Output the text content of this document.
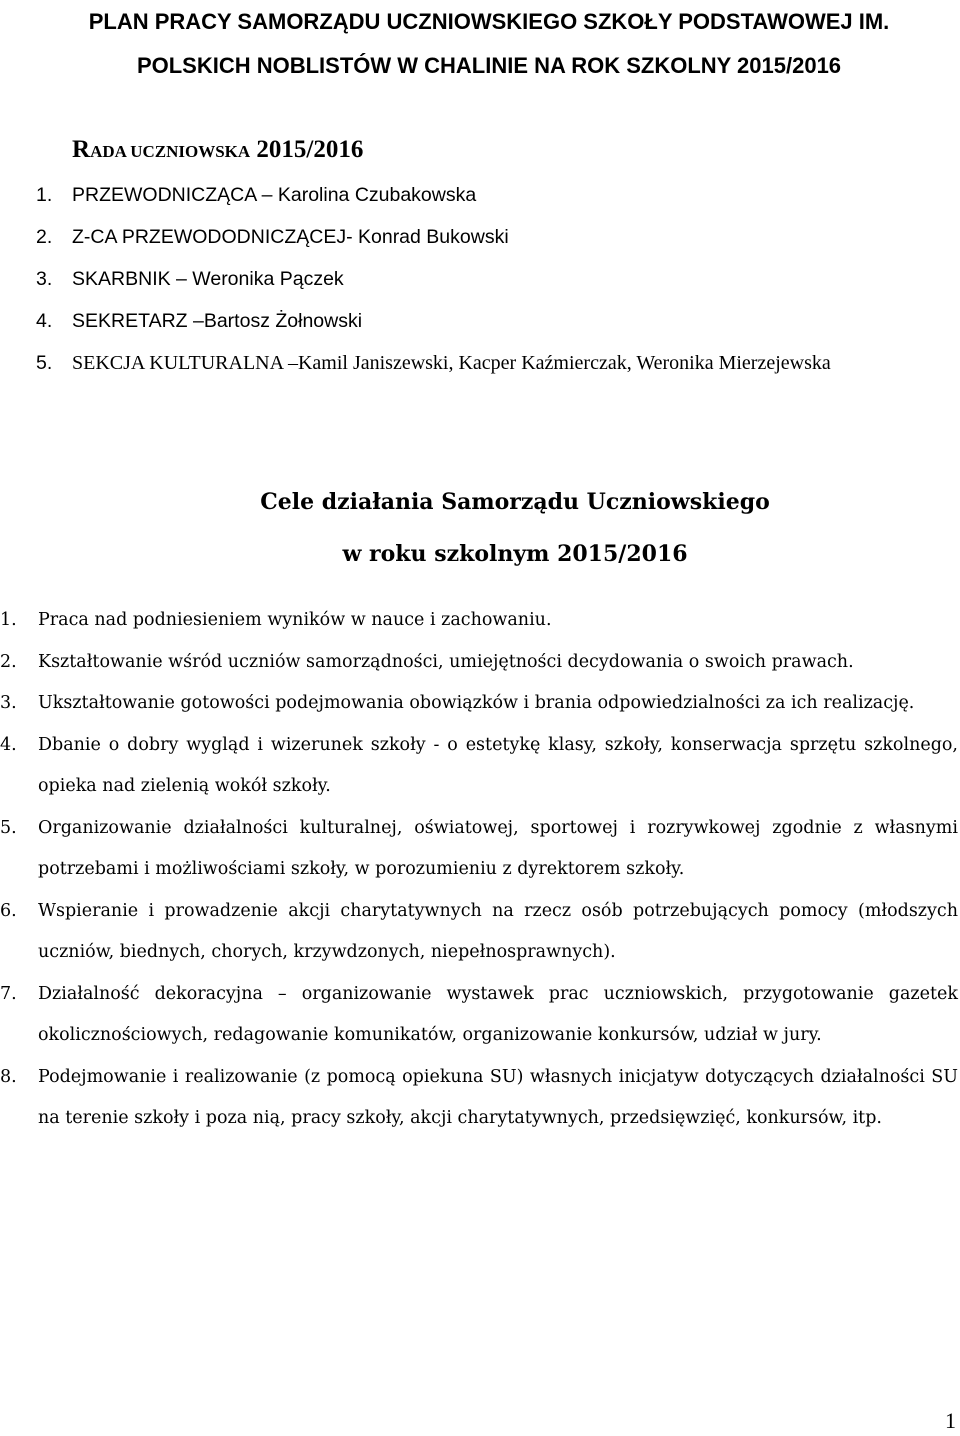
PLAN PRACY SAMORZĄDU UCZNIOWSKIEGO SZKOŁY PODSTAWOWEJ IM.
POLSKICH NOBLISTÓW W CHALINIE NA ROK SZKOLNY 2015/2016
RADA UCZNIOWSKA 2015/2016
1.	PRZEWODNICZĄCA – Karolina Czubakowska
2.	Z-CA PRZEWODODNICZĄCEJ- Konrad Bukowski
3.	SKARBNIK – Weronika Pączek
4.	SEKRETARZ –Bartosz Żołnowski
5. SEKCJA KULTURALNA –Kamil Janiszewski, Kacper Kaźmierczak, Weronika Mierzejewska
Cele działania Samorządu Uczniowskiego
w roku szkolnym 2015/2016
1.	Praca nad podniesieniem wyników w nauce i zachowaniu.
2.	Kształtowanie wśród uczniów samorządności, umiejętności decydowania o swoich prawach.
3.	Ukształtowanie gotowości podejmowania obowiązków i brania odpowiedzialności za ich realizację.
4.	Dbanie o dobry wygląd i wizerunek szkoły - o estetykę klasy, szkoły, konserwacja sprzętu szkolnego, opieka nad zielenią wokół szkoły.
5.	Organizowanie działalności kulturalnej, oświatowej, sportowej i rozrywkowej zgodnie z własnymi potrzebami i możliwościami szkoły, w porozumieniu z dyrektorem szkoły.
6.	Wspieranie i prowadzenie akcji charytatywnych na rzecz osób potrzebujących pomocy (młodszych uczniów, biednych, chorych, krzywdzonych, niepełnosprawnych).
7.	Działalność dekoracyjna – organizowanie wystawek prac uczniowskich, przygotowanie gazetek okolicznościowych, redagowanie komunikatów, organizowanie konkursów, udział w jury.
8.	Podejmowanie i realizowanie (z pomocą opiekuna SU) własnych inicjatyw dotyczących działalności SU na terenie szkoły i poza nią, pracy szkoły, akcji charytatywnych, przedsięwzięć, konkursów, itp.
1
